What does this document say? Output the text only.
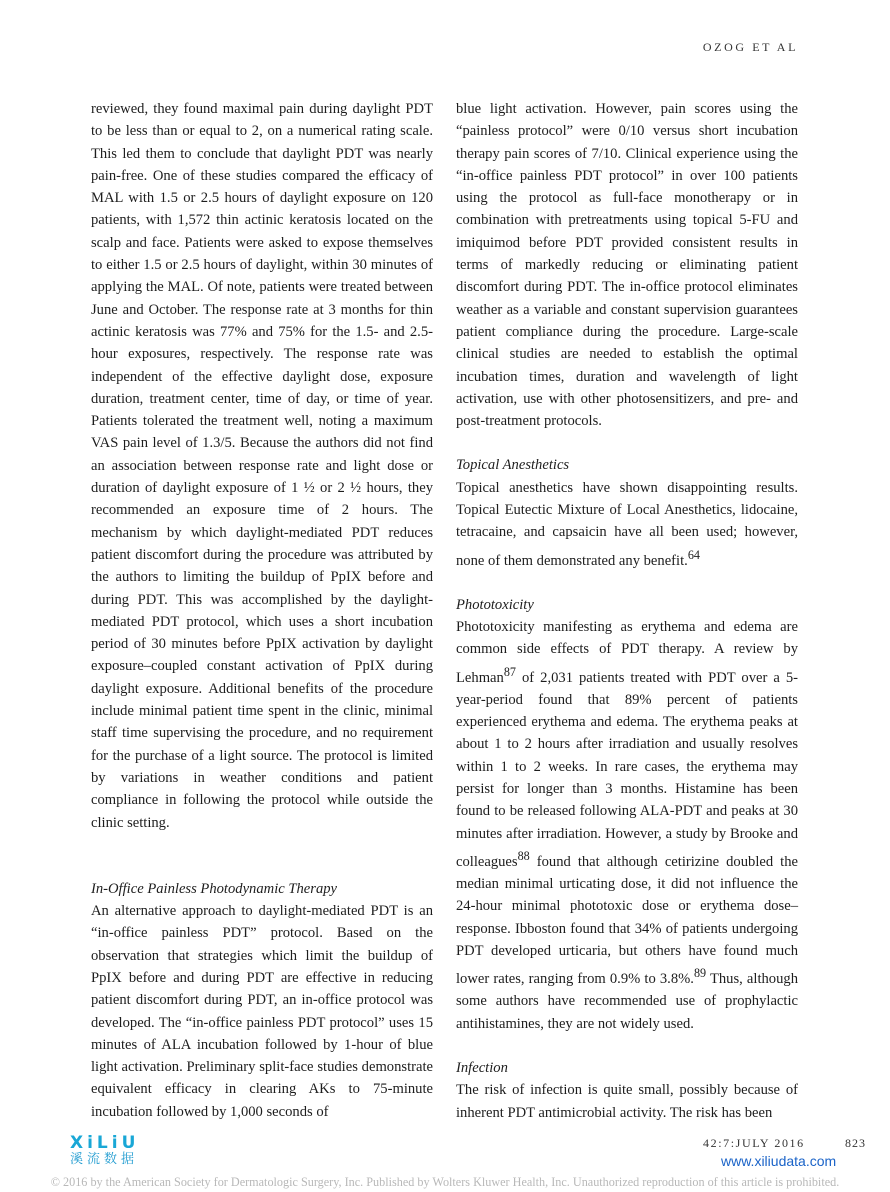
OZOG ET AL

reviewed, they found maximal pain during daylight PDT to be less than or equal to 2, on a numerical rating scale. This led them to conclude that daylight PDT was nearly pain-free. One of these studies compared the efficacy of MAL with 1.5 or 2.5 hours of daylight exposure on 120 patients, with 1,572 thin actinic keratosis located on the scalp and face. Patients were asked to expose themselves to either 1.5 or 2.5 hours of daylight, within 30 minutes of applying the MAL. Of note, patients were treated between June and October. The response rate at 3 months for thin actinic keratosis was 77% and 75% for the 1.5- and 2.5-hour exposures, respectively. The response rate was independent of the effective daylight dose, exposure duration, treatment center, time of day, or time of year. Patients tolerated the treatment well, noting a maximum VAS pain level of 1.3/5. Because the authors did not find an association between response rate and light dose or duration of daylight exposure of 1 ½ or 2 ½ hours, they recommended an exposure time of 2 hours. The mechanism by which daylight-mediated PDT reduces patient discomfort during the procedure was attributed by the authors to limiting the buildup of PpIX before and during PDT. This was accomplished by the daylight-mediated PDT protocol, which uses a short incubation period of 30 minutes before PpIX activation by daylight exposure–coupled constant activation of PpIX during daylight exposure. Additional benefits of the procedure include minimal patient time spent in the clinic, minimal staff time supervising the procedure, and no requirement for the purchase of a light source. The protocol is limited by variations in weather conditions and patient compliance in following the protocol while outside the clinic setting.

In-Office Painless Photodynamic Therapy

An alternative approach to daylight-mediated PDT is an “in-office painless PDT” protocol. Based on the observation that strategies which limit the buildup of PpIX before and during PDT are effective in reducing patient discomfort during PDT, an in-office protocol was developed. The “in-office painless PDT protocol” uses 15 minutes of ALA incubation followed by 1-hour of blue light activation. Preliminary split-face studies demonstrate equivalent efficacy in clearing AKs to 75-minute incubation followed by 1,000 seconds of

blue light activation. However, pain scores using the “painless protocol” were 0/10 versus short incubation therapy pain scores of 7/10. Clinical experience using the “in-office painless PDT protocol” in over 100 patients using the protocol as full-face monotherapy or in combination with pretreatments using topical 5-FU and imiquimod before PDT provided consistent results in terms of markedly reducing or eliminating patient discomfort during PDT. The in-office protocol eliminates weather as a variable and constant supervision guarantees patient compliance during the procedure. Large-scale clinical studies are needed to establish the optimal incubation times, duration and wavelength of light activation, use with other photosensitizers, and pre- and post-treatment protocols.

Topical Anesthetics

Topical anesthetics have shown disappointing results. Topical Eutectic Mixture of Local Anesthetics, lidocaine, tetracaine, and capsaicin have all been used; however, none of them demonstrated any benefit.$^{64}$

Phototoxicity

Phototoxicity manifesting as erythema and edema are common side effects of PDT therapy. A review by Lehman$^{87}$ of 2,031 patients treated with PDT over a 5-year-period found that 89% percent of patients experienced erythema and edema. The erythema peaks at about 1 to 2 hours after irradiation and usually resolves within 1 to 2 weeks. In rare cases, the erythema may persist for longer than 3 months. Histamine has been found to be released following ALA-PDT and peaks at 30 minutes after irradiation. However, a study by Brooke and colleagues$^{88}$ found that although cetirizine doubled the median minimal urticating dose, it did not influence the 24-hour minimal phototoxic dose or erythema dose–response. Ibboston found that 34% of patients undergoing PDT developed urticaria, but others have found much lower rates, ranging from 0.9% to 3.8%.$^{89}$ Thus, although some authors have recommended use of prophylactic antihistamines, they are not widely used.

Infection

The risk of infection is quite small, possibly because of inherent PDT antimicrobial activity. The risk has been

XiLiU
溪流数据
42:7:JULY 2016	823
www.xiliudata.com
© 2016 by the American Society for Dermatologic Surgery, Inc. Published by Wolters Kluwer Health, Inc. Unauthorized reproduction of this article is prohibited.
